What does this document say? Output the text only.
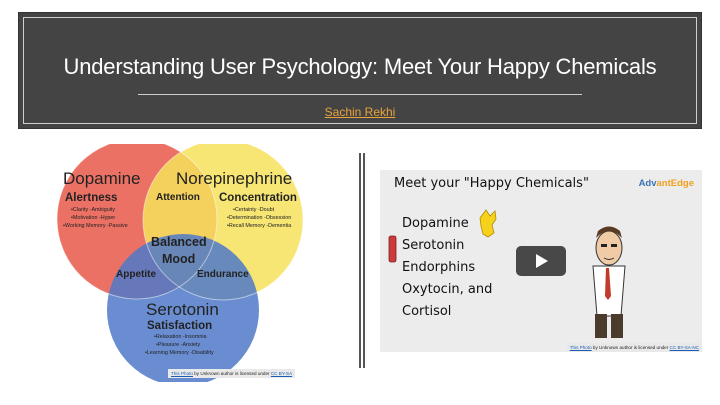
Understanding User Psychology: Meet Your Happy Chemicals
Sachin Rekhi
Dopamine
Alertness
•Clarity -Ambiguity
•Motivation -Hyper
•Working Memory -Passive
Norepinephrine
Attention Concentration
•Certainty -Doubt
•Determination -Obsession
•Recall Memory -Dementia
Balanced
Mood
Appetite	Endurance
Serotonin
Satisfaction
•Relaxation -Insomnia
•Pleasure -Anxiety
•Learning Memory -Disability
This Photo by Unknown author is licensed under CC BY-SA
Meet your "Happy Chemicals"	AdvantEdge
Dopamine
Serotonin
Endorphins
Oxytocin, and
Cortisol
This Photo by Unknown author is licensed under CC BY-SA-NC
